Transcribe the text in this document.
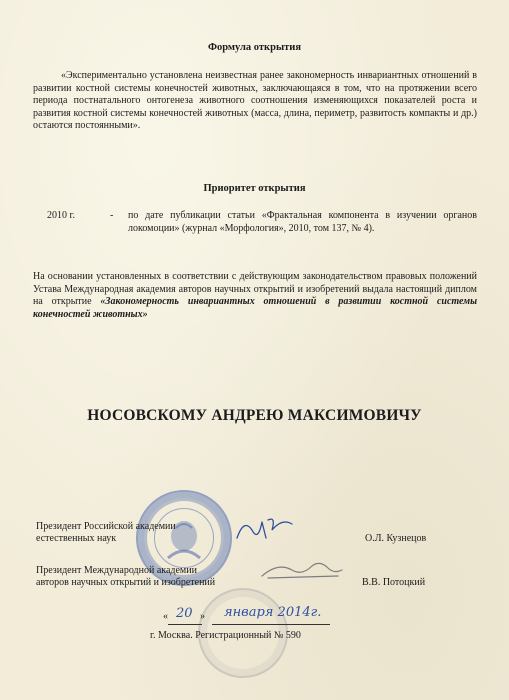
Формула открытия
«Экспериментально установлена неизвестная ранее закономерность инвариантных отношений в развитии костной системы конечностей животных, заключающаяся в том, что на протяжении всего периода постнатального онтогенеза животного соотношения изменяющихся показателей роста и развития костной системы конечностей животных (масса, длина, периметр, развитость компакты и др.) остаются постоянными».
Приоритет открытия
2010 г.	- по дате публикации статьи «Фрактальная компонента в изучении органов локомоции» (журнал «Морфология», 2010, том 137, № 4).
На основании установленных в соответствии с действующим законодательством правовых положений Устава Международная академия авторов научных открытий и изобретений выдала настоящий диплом на открытие «Закономерность инвариантных отношений в развитии костной системы конечностей животных»
НОСОВСКОМУ АНДРЕЮ МАКСИМОВИЧУ
Президент Российской академии
естественных наук	О.Л. Кузнецов
Президент Международной академии
авторов научных открытий и изобретений	В.В. Потоцкий
« 20 » января 2014г.
г. Москва. Регистрационный № 590
